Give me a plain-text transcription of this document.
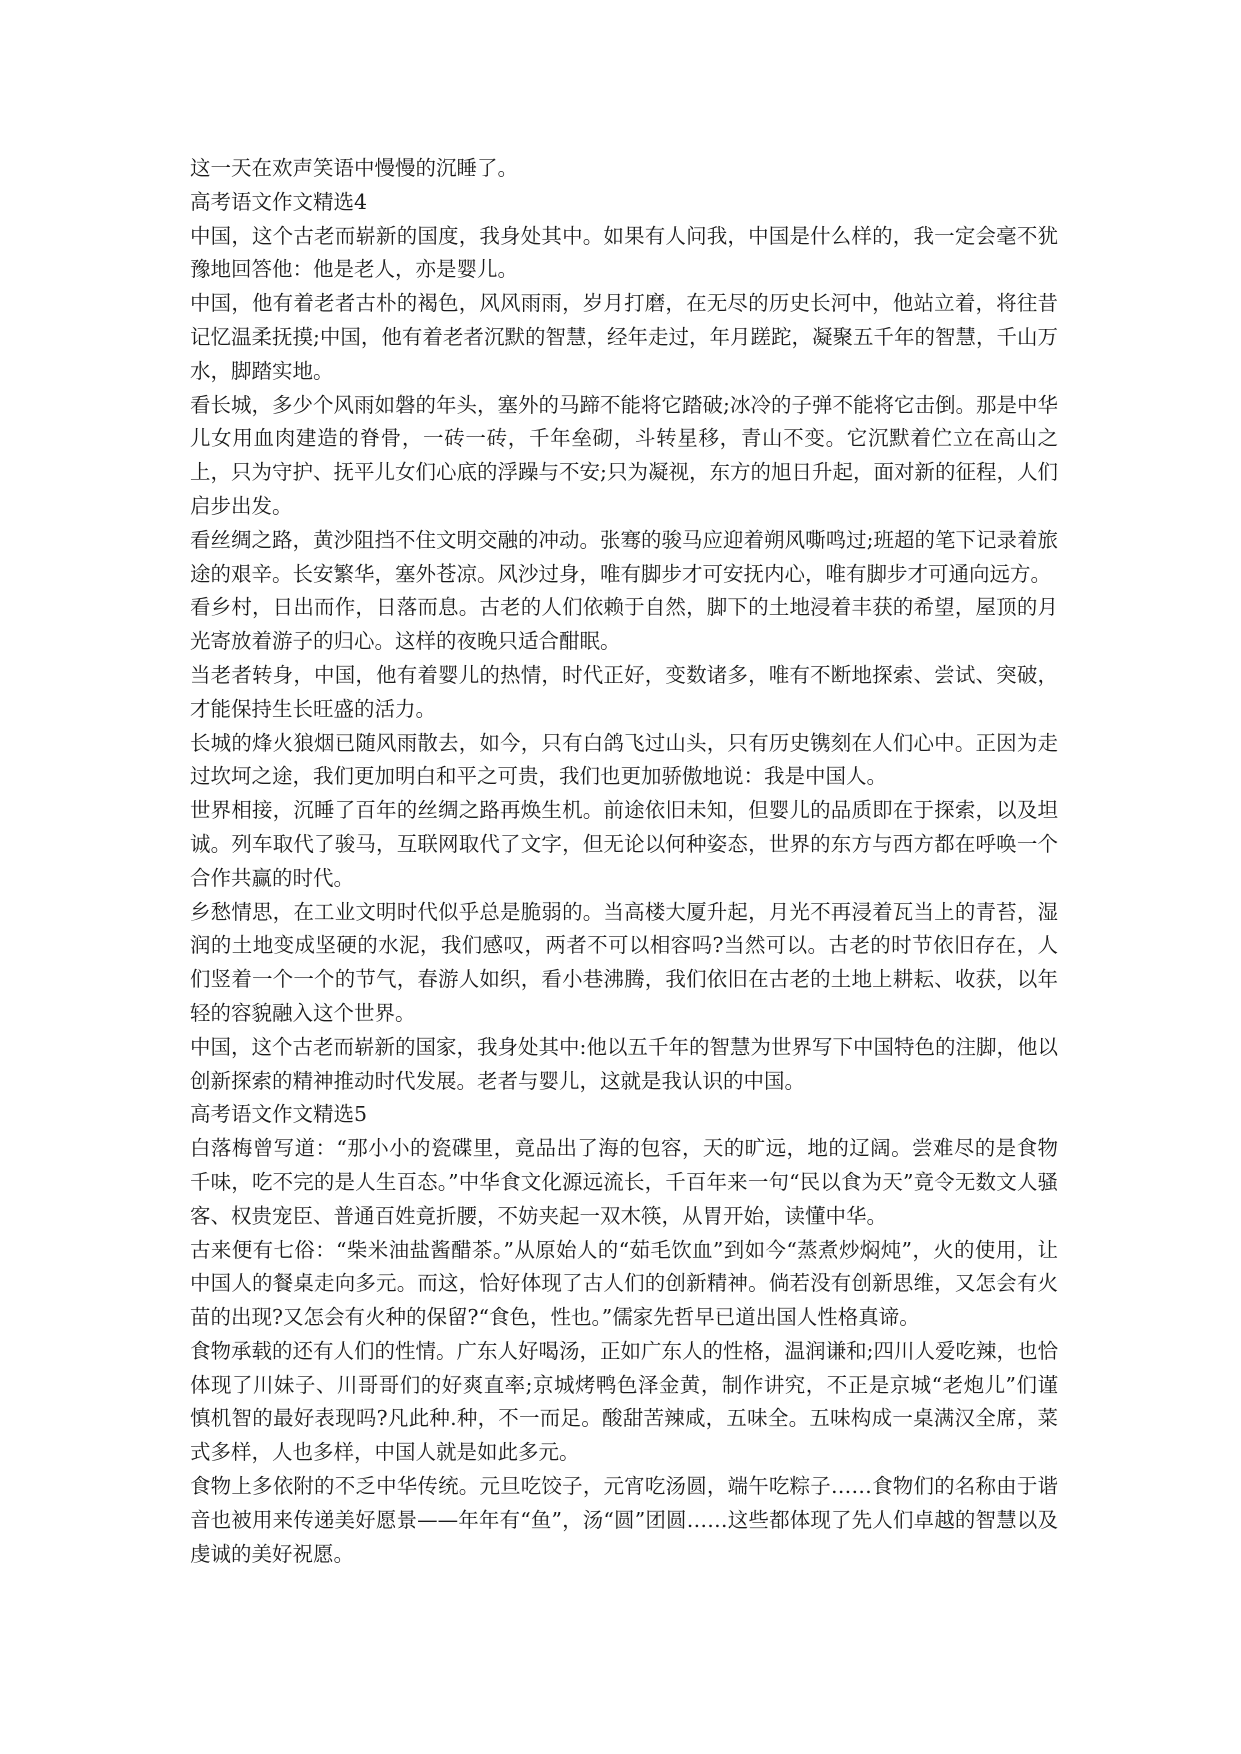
这一天在欢声笑语中慢慢的沉睡了。

高考语文作文精选4

中国，这个古老而崭新的国度，我身处其中。如果有人问我，中国是什么样的，我一定会毫不犹豫地回答他：他是老人，亦是婴儿。

中国，他有着老者古朴的褐色，风风雨雨，岁月打磨，在无尽的历史长河中，他站立着，将往昔记忆温柔抚摸;中国，他有着老者沉默的智慧，经年走过，年月蹉跎，凝聚五千年的智慧，千山万水，脚踏实地。

看长城，多少个风雨如磐的年头，塞外的马蹄不能将它踏破;冰冷的子弹不能将它击倒。那是中华儿女用血肉建造的脊骨，一砖一砖，千年垒砌，斗转星移，青山不变。它沉默着伫立在高山之上，只为守护、抚平儿女们心底的浮躁与不安;只为凝视，东方的旭日升起，面对新的征程，人们启步出发。

看丝绸之路，黄沙阻挡不住文明交融的冲动。张骞的骏马应迎着朔风嘶鸣过;班超的笔下记录着旅途的艰辛。长安繁华，塞外苍凉。风沙过身，唯有脚步才可安抚内心，唯有脚步才可通向远方。

看乡村，日出而作，日落而息。古老的人们依赖于自然，脚下的土地浸着丰获的希望，屋顶的月光寄放着游子的归心。这样的夜晚只适合酣眠。

当老者转身，中国，他有着婴儿的热情，时代正好，变数诸多，唯有不断地探索、尝试、突破，才能保持生长旺盛的活力。

长城的烽火狼烟已随风雨散去，如今，只有白鸽飞过山头，只有历史镌刻在人们心中。正因为走过坎坷之途，我们更加明白和平之可贵，我们也更加骄傲地说：我是中国人。

世界相接，沉睡了百年的丝绸之路再焕生机。前途依旧未知，但婴儿的品质即在于探索，以及坦诚。列车取代了骏马，互联网取代了文字，但无论以何种姿态，世界的东方与西方都在呼唤一个合作共赢的时代。

乡愁情思，在工业文明时代似乎总是脆弱的。当高楼大厦升起，月光不再浸着瓦当上的青苔，湿润的土地变成坚硬的水泥，我们感叹，两者不可以相容吗?当然可以。古老的时节依旧存在，人们竖着一个一个的节气，春游人如织，看小巷沸腾，我们依旧在古老的土地上耕耘、收获，以年轻的容貌融入这个世界。

中国，这个古老而崭新的国家，我身处其中:他以五千年的智慧为世界写下中国特色的注脚，他以创新探索的精神推动时代发展。老者与婴儿，这就是我认识的中国。

高考语文作文精选5

白落梅曾写道：“那小小的瓷碟里，竟品出了海的包容，天的旷远，地的辽阔。尝难尽的是食物千味，吃不完的是人生百态。”中华食文化源远流长，千百年来一句“民以食为天”竟令无数文人骚客、权贵宠臣、普通百姓竟折腰，不妨夹起一双木筷，从胃开始，读懂中华。

古来便有七俗：“柴米油盐酱醋茶。”从原始人的“茹毛饮血”到如今“蒸煮炒焖炖”，火的使用，让中国人的餐桌走向多元。而这，恰好体现了古人们的创新精神。倘若没有创新思维，又怎会有火苗的出现?又怎会有火种的保留?“食色，性也。”儒家先哲早已道出国人性格真谛。

食物承载的还有人们的性情。广东人好喝汤，正如广东人的性格，温润谦和;四川人爱吃辣，也恰体现了川妹子、川哥哥们的好爽直率;京城烤鸭色泽金黄，制作讲究，不正是京城“老炮儿”们谨慎机智的最好表现吗?凡此种.种，不一而足。酸甜苦辣咸，五味全。五味构成一桌满汉全席，菜式多样，人也多样，中国人就是如此多元。

食物上多依附的不乏中华传统。元旦吃饺子，元宵吃汤圆，端午吃粽子……食物们的名称由于谐音也被用来传递美好愿景——年年有“鱼”，汤“圆”团圆……这些都体现了先人们卓越的智慧以及虔诚的美好祝愿。
